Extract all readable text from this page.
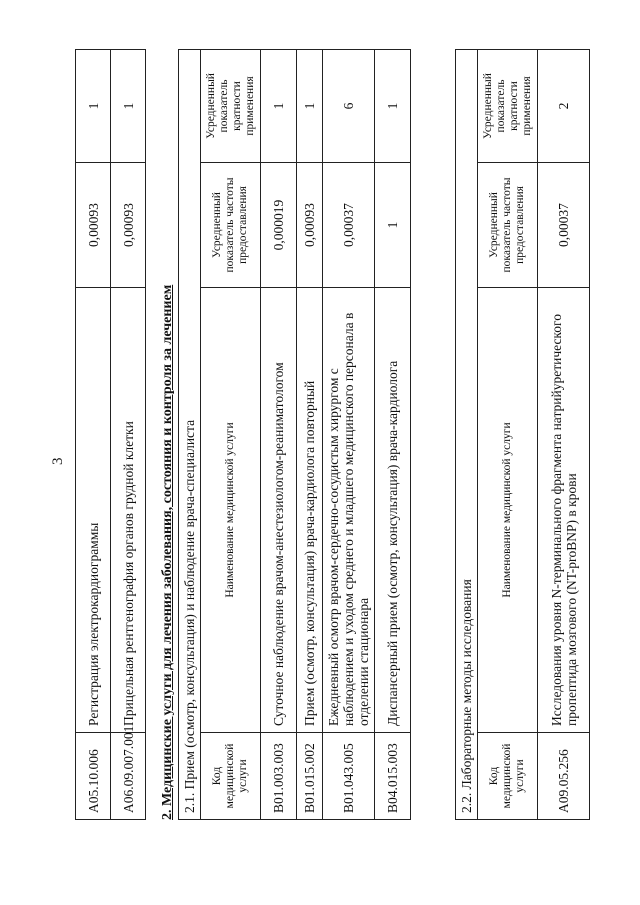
3
A05.10.006	Регистрация электрокардиограммы	0,00093	1
A06.09.007.001	Прицельная рентгенография органов грудной клетки	0,00093	1
2. Медицинские услуги для лечения заболевания, состояния и контроля за лечением 2.1. Прием (осмотр, консультация) и наблюдение врача-специалиста			
Код медицинской услуги	Наименование медицинской услуги	Усредненный показатель частоты предоставления	Усредненный показатель кратности применения
B01.003.003	Суточное наблюдение врачом-анестезиологом-реаниматологом	0,000019	1
B01.015.002	Прием (осмотр, консультация) врача-кардиолога повторный	0,00093	1
B01.043.005	Ежедневный осмотр врачом-сердечно-сосудистым хирургом с наблюдением и уходом среднего и младшего медицинского персонала в отделении стационара	0,00037	6
B04.015.003	Диспансерный прием (осмотр, консультация) врача-кардиолога	1	1
2.2. Лабораторные методы исследования			
Код медицинской услуги	Наименование медицинской услуги	Усредненный показатель частоты предоставления	Усредненный показатель кратности применения
A09.05.256	Исследования уровня N-терминального фрагмента натрийуретического пропептида мозгового (NT-proBNP) в крови	0,00037	2
